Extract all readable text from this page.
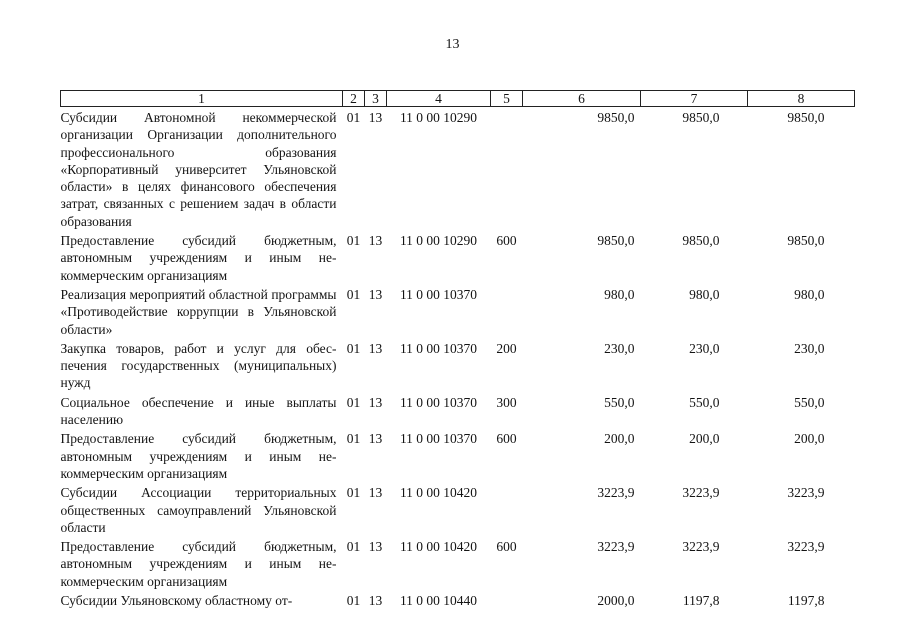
13
1	2	3	4	5	6	7	8
Субсидии Автономной некоммерческой организации Организации дополнительного профессионального образования «Корпоративный университет Ульяновской области» в целях финансового обеспечения затрат, связанных с решением задач в области образования	01	13	11 0 00 10290		9850,0	9850,0	9850,0
Предоставление субсидий бюджетным, автономным учреждениям и иным некоммерческим организациям	01	13	11 0 00 10290	600	9850,0	9850,0	9850,0
Реализация мероприятий областной программы «Противодействие коррупции в Ульяновской области»	01	13	11 0 00 10370		980,0	980,0	980,0
Закупка товаров, работ и услуг для обеспечения государственных (муниципальных) нужд	01	13	11 0 00 10370	200	230,0	230,0	230,0
Социальное обеспечение и иные выплаты населению	01	13	11 0 00 10370	300	550,0	550,0	550,0
Предоставление субсидий бюджетным, автономным учреждениям и иным некоммерческим организациям	01	13	11 0 00 10370	600	200,0	200,0	200,0
Субсидии Ассоциации территориальных общественных самоуправлений Ульяновской области	01	13	11 0 00 10420		3223,9	3223,9	3223,9
Предоставление субсидий бюджетным, автономным учреждениям и иным некоммерческим организациям	01	13	11 0 00 10420	600	3223,9	3223,9	3223,9
Субсидии Ульяновскому областному от-	01	13	11 0 00 10440		2000,0	1197,8	1197,8
